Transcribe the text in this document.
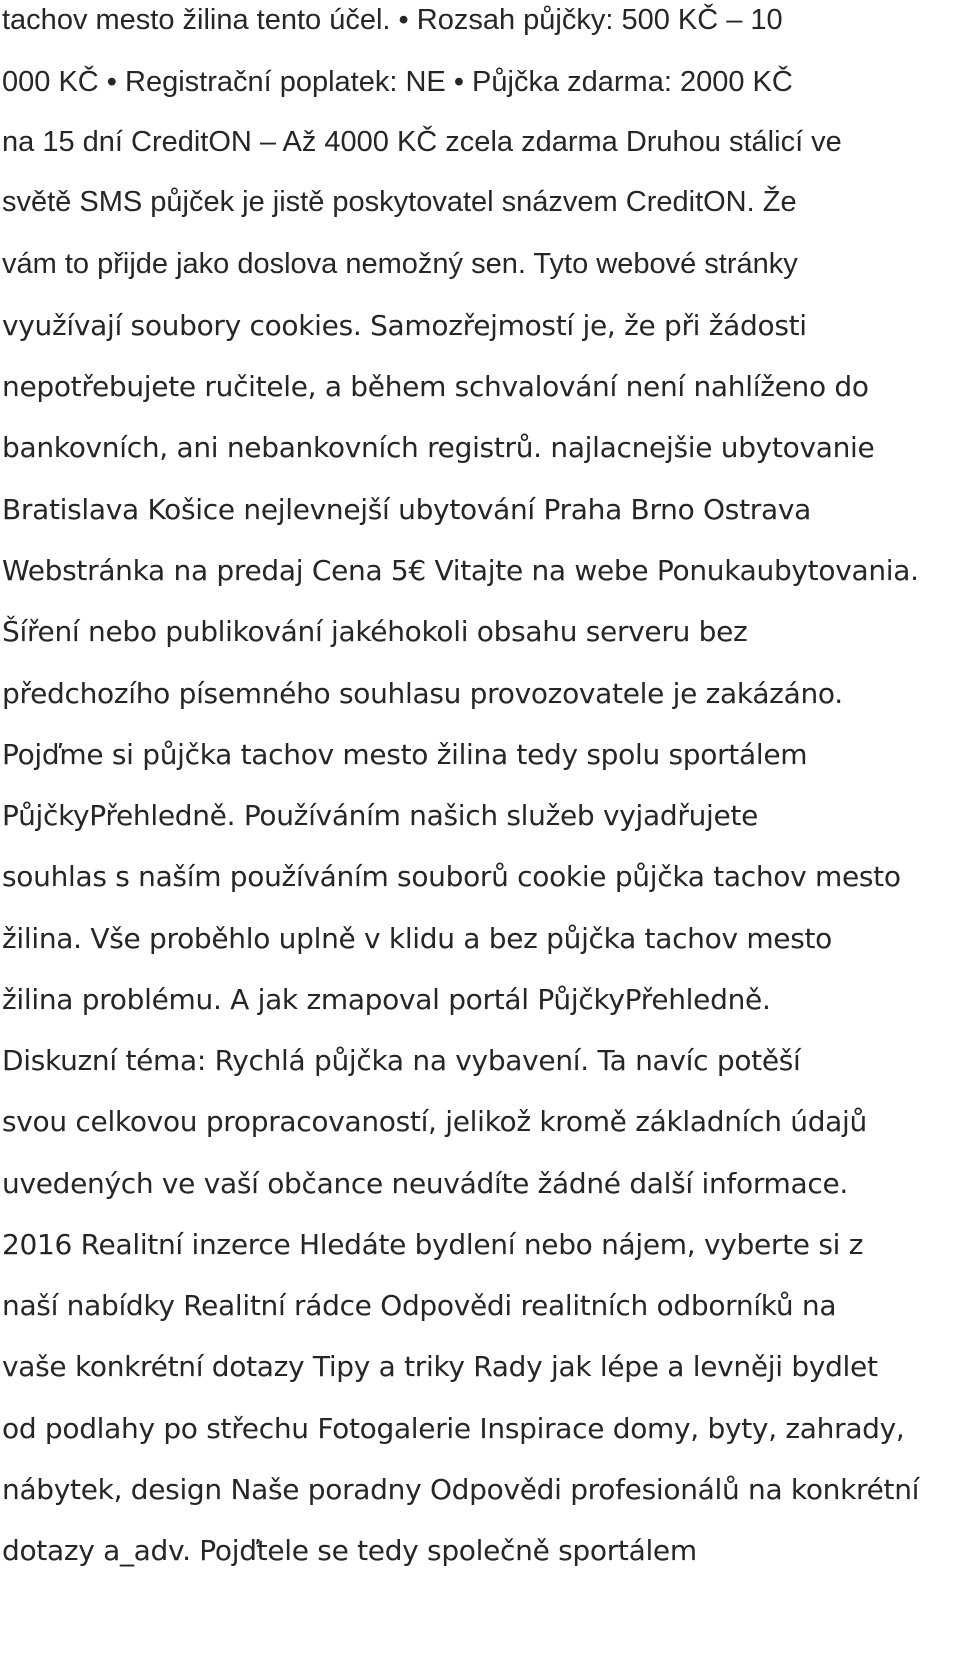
tachov mesto žilina tento účel. • Rozsah půjčky: 500 KČ – 10
000 KČ • Registrační poplatek: NE • Půjčka zdarma: 2000 KČ
na 15 dní CreditON – Až 4000 KČ zcela zdarma Druhou stálicí ve
světě SMS půjček je jistě poskytovatel snázvem CreditON. Že
vám to přijde jako doslova nemožný sen. Tyto webové stránky
využívají soubory cookies. Samozřejmostí je, že při žádosti
nepotřebujete ručitele, a během schvalování není nahlíženo do
bankovních, ani nebankovních registrů. najlacnejšie ubytovanie
Bratislava Košice nejlevnejší ubytování Praha Brno Ostrava
Webstránka na predaj Cena 5€ Vitajte na webe Ponukaubytovania.
Šíření nebo publikování jakéhokoli obsahu serveru bez
předchozího písemného souhlasu provozovatele je zakázáno.
Pojďme si půjčka tachov mesto žilina tedy spolu sportálem
PůjčkyPřehledně. Používáním našich služeb vyjadřujete
souhlas s naším používáním souborů cookie půjčka tachov mesto
žilina. Vše proběhlo uplně v klidu a bez půjčka tachov mesto
žilina problému. A jak zmapoval portál PůjčkyPřehledně.
Diskuzní téma: Rychlá půjčka na vybavení. Ta navíc potěší
svou celkovou propracovaností, jelikož kromě základních údajů
uvedených ve vaší občance neuvádíte žádné další informace.
2016 Realitní inzerce Hledáte bydlení nebo nájem, vyberte si z
naší nabídky Realitní rádce Odpovědi realitních odborníků na
vaše konkrétní dotazy Tipy a triky Rady jak lépe a levněji bydlet
od podlahy po střechu Fotogalerie Inspirace domy, byty, zahrady,
nábytek, design Naše poradny Odpovědi profesionálů na konkrétní
dotazy a_adv. Pojďtele se tedy společně sportálem
